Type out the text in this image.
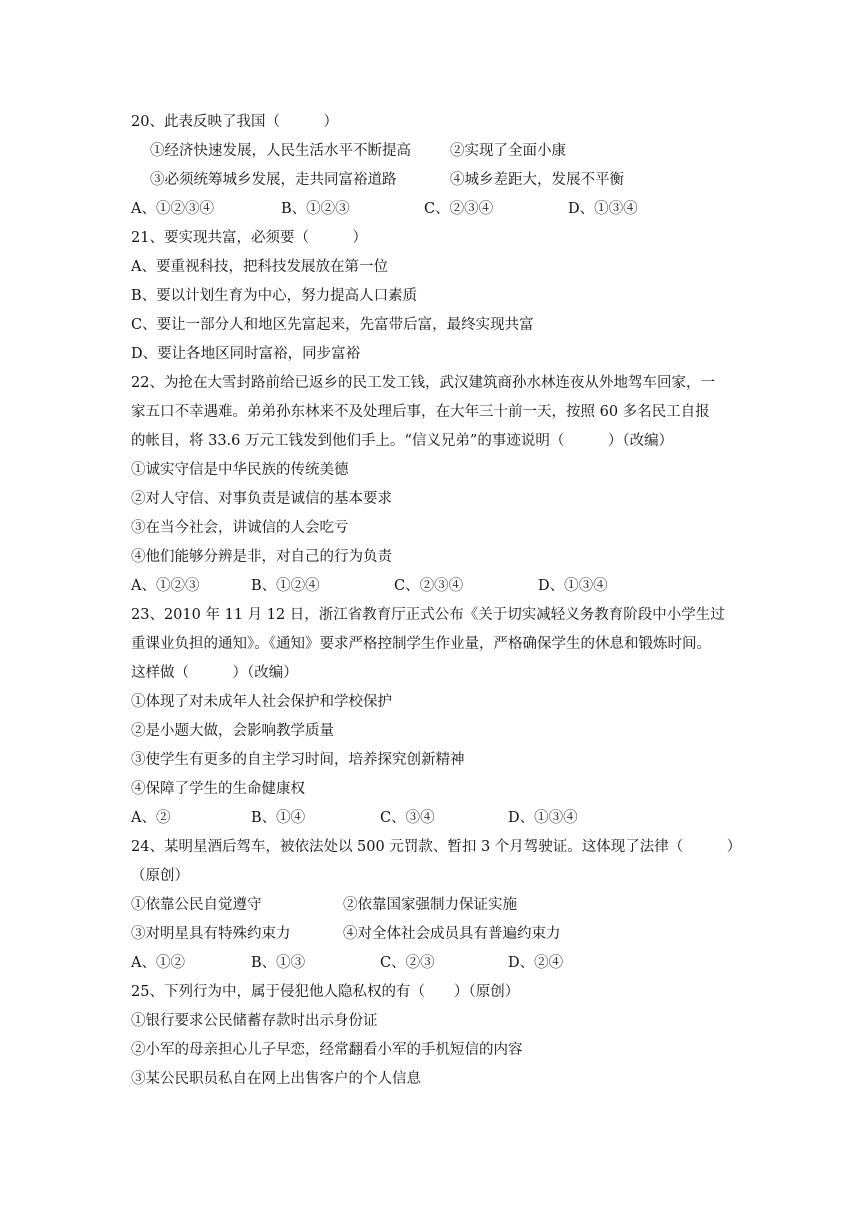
20、此表反映了我国（　　　）
①经济快速发展，人民生活水平不断提高	②实现了全面小康
③必须统筹城乡发展，走共同富裕道路	④城乡差距大，发展不平衡
A、①②③④	B、①②③	C、②③④	D、①③④
21、要实现共富，必须要（　　　）
A、要重视科技，把科技发展放在第一位
B、要以计划生育为中心，努力提高人口素质
C、要让一部分人和地区先富起来，先富带后富，最终实现共富
D、要让各地区同时富裕，同步富裕
22、为抢在大雪封路前给已返乡的民工发工钱，武汉建筑商孙水林连夜从外地驾车回家，一
家五口不幸遇难。弟弟孙东林来不及处理后事，在大年三十前一天，按照 60 多名民工自报
的帐目，将 33.6 万元工钱发到他们手上。“信义兄弟”的事迹说明（　　　）（改编）
①诚实守信是中华民族的传统美德
②对人守信、对事负责是诚信的基本要求
③在当今社会，讲诚信的人会吃亏
④他们能够分辨是非，对自己的行为负责
A、①②③	B、①②④	C、②③④	D、①③④
23、2010 年 11 月 12 日，浙江省教育厅正式公布《关于切实减轻义务教育阶段中小学生过
重课业负担的通知》。《通知》要求严格控制学生作业量，严格确保学生的休息和锻炼时间。
这样做（　　　）（改编）
①体现了对未成年人社会保护和学校保护
②是小题大做，会影响教学质量
③使学生有更多的自主学习时间，培养探究创新精神
④保障了学生的生命健康权
A、②	B、①④	C、③④	D、①③④
24、某明星酒后驾车，被依法处以 500 元罚款、暂扣 3 个月驾驶证。这体现了法律（　　　）
（原创）
①依靠公民自觉遵守	②依靠国家强制力保证实施
③对明星具有特殊约束力	④对全体社会成员具有普遍约束力
A、①②	B、①③	C、②③	D、②④
25、下列行为中，属于侵犯他人隐私权的有（　　）（原创）
①银行要求公民储蓄存款时出示身份证
②小军的母亲担心儿子早恋，经常翻看小军的手机短信的内容
③某公民职员私自在网上出售客户的个人信息
